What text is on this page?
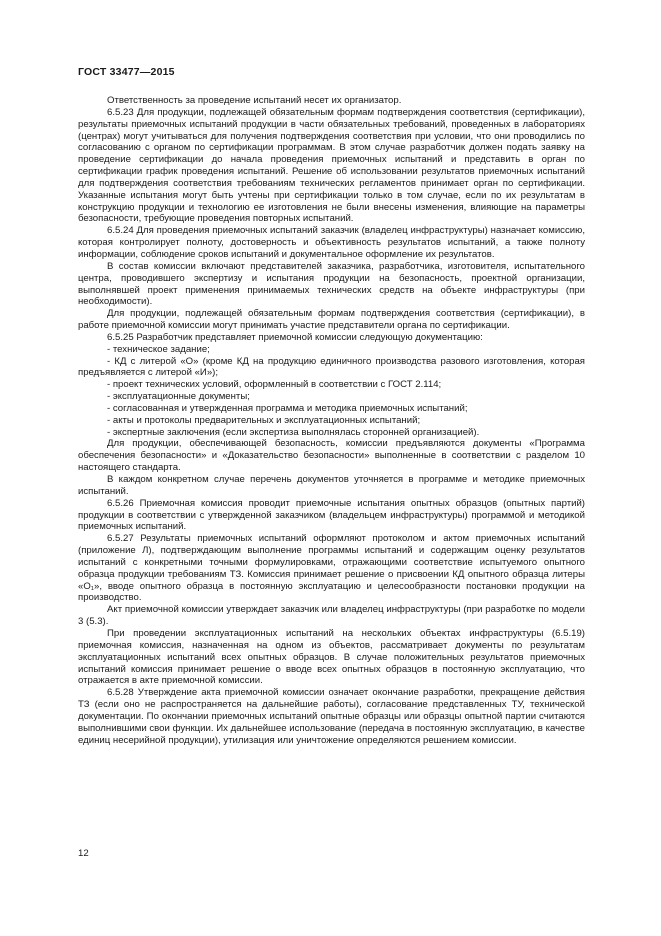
ГОСТ 33477—2015

Ответственность за проведение испытаний несет их организатор.

6.5.23 Для продукции, подлежащей обязательным формам подтверждения соответствия (сертификации), результаты приемочных испытаний продукции в части обязательных требований, проведенных в лабораториях (центрах) могут учитываться для получения подтверждения соответствия при условии, что они проводились по согласованию с органом по сертификации программам. В этом случае разработчик должен подать заявку на проведение сертификации до начала проведения приемочных испытаний и представить в орган по сертификации график проведения испытаний. Решение об использовании результатов приемочных испытаний для подтверждения соответствия требованиям технических регламентов принимает орган по сертификации. Указанные испытания могут быть учтены при сертификации только в том случае, если по их результатам в конструкцию продукции и технологию ее изготовления не были внесены изменения, влияющие на параметры безопасности, требующие проведения повторных испытаний.

6.5.24 Для проведения приемочных испытаний заказчик (владелец инфраструктуры) назначает комиссию, которая контролирует полноту, достоверность и объективность результатов испытаний, а также полноту информации, соблюдение сроков испытаний и документальное оформление их результатов.

В состав комиссии включают представителей заказчика, разработчика, изготовителя, испытательного центра, проводившего экспертизу и испытания продукции на безопасность, проектной организации, выполнявшей проект применения принимаемых технических средств на объекте инфраструктуры (при необходимости).

Для продукции, подлежащей обязательным формам подтверждения соответствия (сертификации), в работе приемочной комиссии могут принимать участие представители органа по сертификации.

6.5.25 Разработчик представляет приемочной комиссии следующую документацию:

- техническое задание;

- КД с литерой «О» (кроме КД на продукцию единичного производства разового изготовления, которая предъявляется с литерой «И»);

- проект технических условий, оформленный в соответствии с ГОСТ 2.114;

- эксплуатационные документы;

- согласованная и утвержденная программа и методика приемочных испытаний;

- акты и протоколы предварительных и эксплуатационных испытаний;

- экспертные заключения (если экспертиза выполнялась сторонней организацией).

Для продукции, обеспечивающей безопасность, комиссии предъявляются документы «Программа обеспечения безопасности» и «Доказательство безопасности» выполненные в соответствии с разделом 10 настоящего стандарта.

В каждом конкретном случае перечень документов уточняется в программе и методике приемочных испытаний.

6.5.26 Приемочная комиссия проводит приемочные испытания опытных образцов (опытных партий) продукции в соответствии с утвержденной заказчиком (владельцем инфраструктуры) программой и методикой приемочных испытаний.

6.5.27 Результаты приемочных испытаний оформляют протоколом и актом приемочных испытаний (приложение Л), подтверждающим выполнение программы испытаний и содержащим оценку результатов испытаний с конкретными точными формулировками, отражающими соответствие испытуемого опытного образца продукции требованиям ТЗ. Комиссия принимает решение о присвоении КД опытного образца литеры «О₁», вводе опытного образца в постоянную эксплуатацию и целесообразности постановки продукции на производство.

Акт приемочной комиссии утверждает заказчик или владелец инфраструктуры (при разработке по модели 3 (5.3).

При проведении эксплуатационных испытаний на нескольких объектах инфраструктуры (6.5.19) приемочная комиссия, назначенная на одном из объектов, рассматривает документы по результатам эксплуатационных испытаний всех опытных образцов. В случае положительных результатов приемочных испытаний комиссия принимает решение о вводе всех опытных образцов в постоянную эксплуатацию, что отражается в акте приемочной комиссии.

6.5.28 Утверждение акта приемочной комиссии означает окончание разработки, прекращение действия ТЗ (если оно не распространяется на дальнейшие работы), согласование представленных ТУ, технической документации. По окончании приемочных испытаний опытные образцы или образцы опытной партии считаются выполнившими свои функции. Их дальнейшее использование (передача в постоянную эксплуатацию, в качестве единиц несерийной продукции), утилизация или уничтожение определяются решением комиссии.

12
